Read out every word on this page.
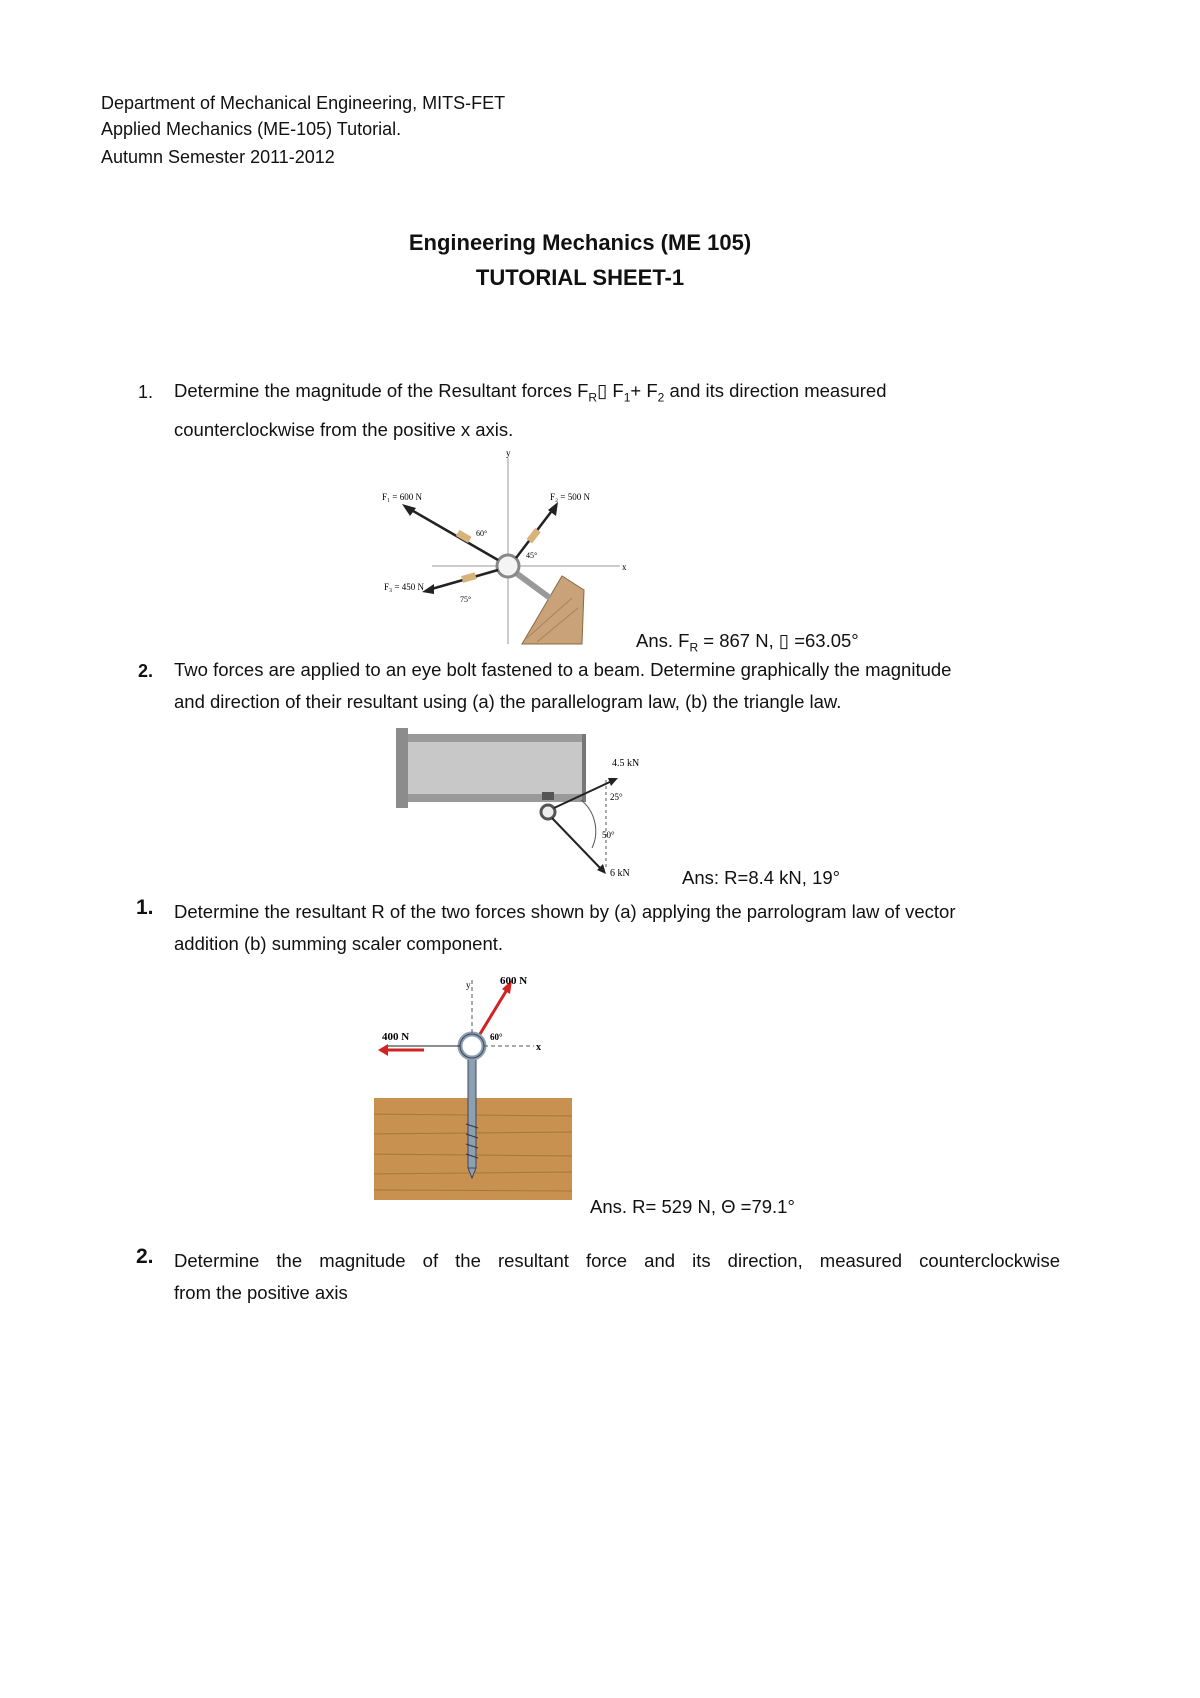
Department of Mechanical Engineering, MITS-FET
Applied Mechanics (ME-105) Tutorial.
Autumn Semester 2011-2012
Engineering Mechanics (ME 105)
TUTORIAL SHEET-1
1. Determine the magnitude of the Resultant forces $F_R▯$ $F_1+ F_2$ and its direction measured
counterclockwise from the positive x axis.
y
x
F₁ = 600 N	F₂ = 500 N
F₃ = 450 N
60°
45°
75°
Ans. $F_R = 867$ N, ▯ =63.05°
2. Two forces are applied to an eye bolt fastened to a beam. Determine graphically the magnitude
and direction of their resultant using (a) the parallelogram law, (b) the triangle law.
4.5 kN
6 kN
25°
50°
Ans: R=8.4 kN, 19°
1. Determine the resultant R of the two forces shown by (a) applying the parrologram law of vector
addition (b) summing scaler component.
y
x
600 N
400 N	60°
Ans. R= 529 N, Θ =79.1°
2. Determine the magnitude of the resultant force and its direction, measured counterclockwise
from the positive axis
